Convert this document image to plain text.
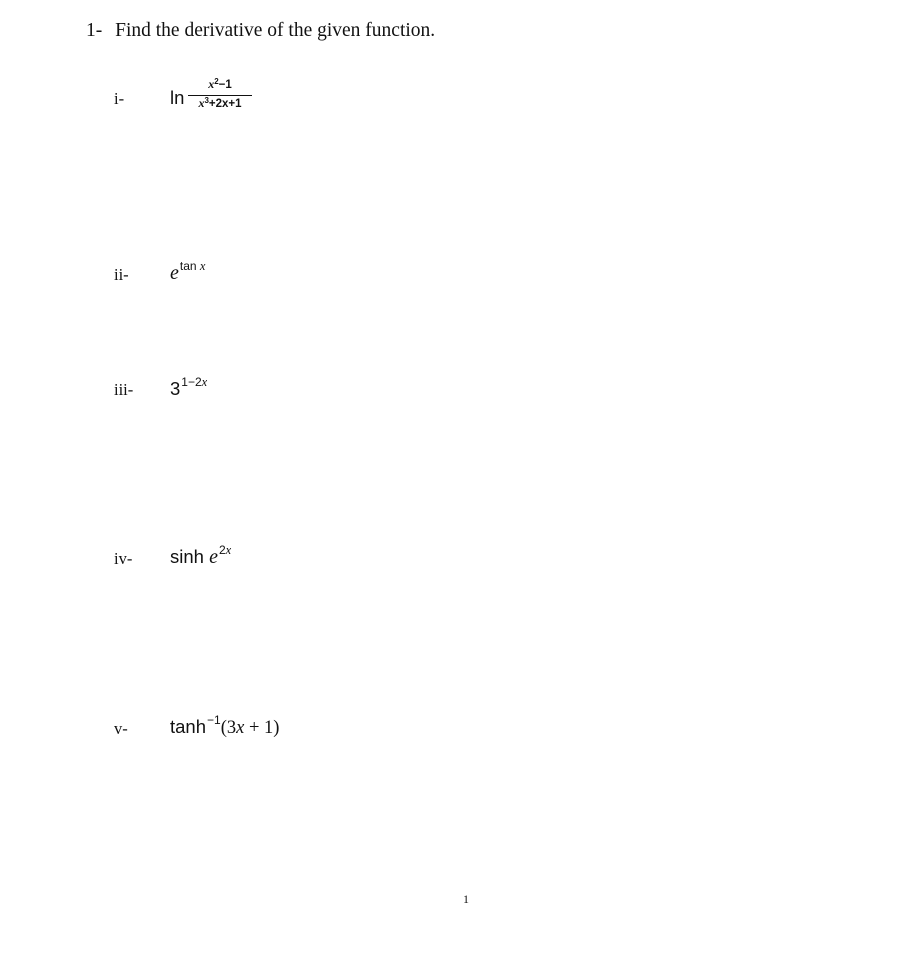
1- Find the derivative of the given function.
i- ln
$x^2-1$
$x^3+2x+1$
ii- $e^{tan x}$
iii- $3^{1-2x}$
iv- $\sinh e^{2x}$
v- $\tanh^{-1}(3x + 1)$
1
